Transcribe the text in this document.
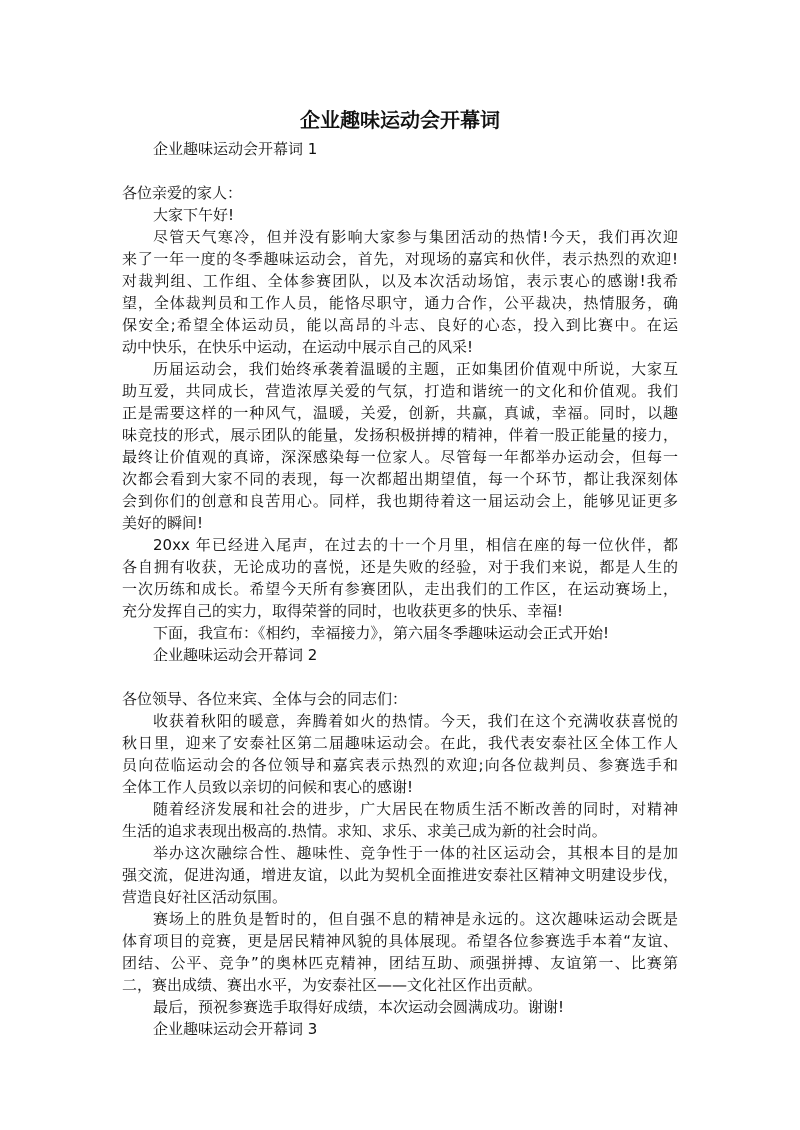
企业趣味运动会开幕词
企业趣味运动会开幕词 1
各位亲爱的家人：
大家下午好!
尽管天气寒冷，但并没有影响大家参与集团活动的热情!今天，我们再次迎
来了一年一度的冬季趣味运动会，首先，对现场的嘉宾和伙伴，表示热烈的欢迎!
对裁判组、工作组、全体参赛团队，以及本次活动场馆，表示衷心的感谢!我希
望，全体裁判员和工作人员，能恪尽职守，通力合作，公平裁决，热情服务，确
保安全;希望全体运动员，能以高昂的斗志、良好的心态，投入到比赛中。在运
动中快乐，在快乐中运动，在运动中展示自己的风采!
历届运动会，我们始终承袭着温暖的主题，正如集团价值观中所说，大家互
助互爱，共同成长，营造浓厚关爱的气氛，打造和谐统一的文化和价值观。我们
正是需要这样的一种风气，温暖，关爱，创新，共赢，真诚，幸福。同时，以趣
味竞技的形式，展示团队的能量，发扬积极拼搏的精神，伴着一股正能量的接力，
最终让价值观的真谛，深深感染每一位家人。尽管每一年都举办运动会，但每一
次都会看到大家不同的表现，每一次都超出期望值，每一个环节，都让我深刻体
会到你们的创意和良苦用心。同样，我也期待着这一届运动会上，能够见证更多
美好的瞬间!
20xx 年已经进入尾声，在过去的十一个月里，相信在座的每一位伙伴，都
各自拥有收获，无论成功的喜悦，还是失败的经验，对于我们来说，都是人生的
一次历练和成长。希望今天所有参赛团队，走出我们的工作区，在运动赛场上，
充分发挥自己的实力，取得荣誉的同时，也收获更多的快乐、幸福!
下面，我宣布：《相约，幸福接力》，第六届冬季趣味运动会正式开始!
企业趣味运动会开幕词 2
各位领导、各位来宾、全体与会的同志们：
收获着秋阳的暖意，奔腾着如火的热情。今天，我们在这个充满收获喜悦的
秋日里，迎来了安泰社区第二届趣味运动会。在此，我代表安泰社区全体工作人
员向莅临运动会的各位领导和嘉宾表示热烈的欢迎;向各位裁判员、参赛选手和
全体工作人员致以亲切的问候和衷心的感谢!
随着经济发展和社会的进步，广大居民在物质生活不断改善的同时，对精神
生活的追求表现出极高的.热情。求知、求乐、求美己成为新的社会时尚。
举办这次融综合性、趣味性、竞争性于一体的社区运动会，其根本目的是加
强交流，促进沟通，增进友谊，以此为契机全面推进安泰社区精神文明建设步伐，
营造良好社区活动氛围。
赛场上的胜负是暂时的，但自强不息的精神是永远的。这次趣味运动会既是
体育项目的竞赛，更是居民精神风貌的具体展现。希望各位参赛选手本着“友谊、
团结、公平、竞争”的奥林匹克精神，团结互助、顽强拼搏、友谊第一、比赛第
二，赛出成绩、赛出水平，为安泰社区——文化社区作出贡献。
最后，预祝参赛选手取得好成绩，本次运动会圆满成功。谢谢!
企业趣味运动会开幕词 3
